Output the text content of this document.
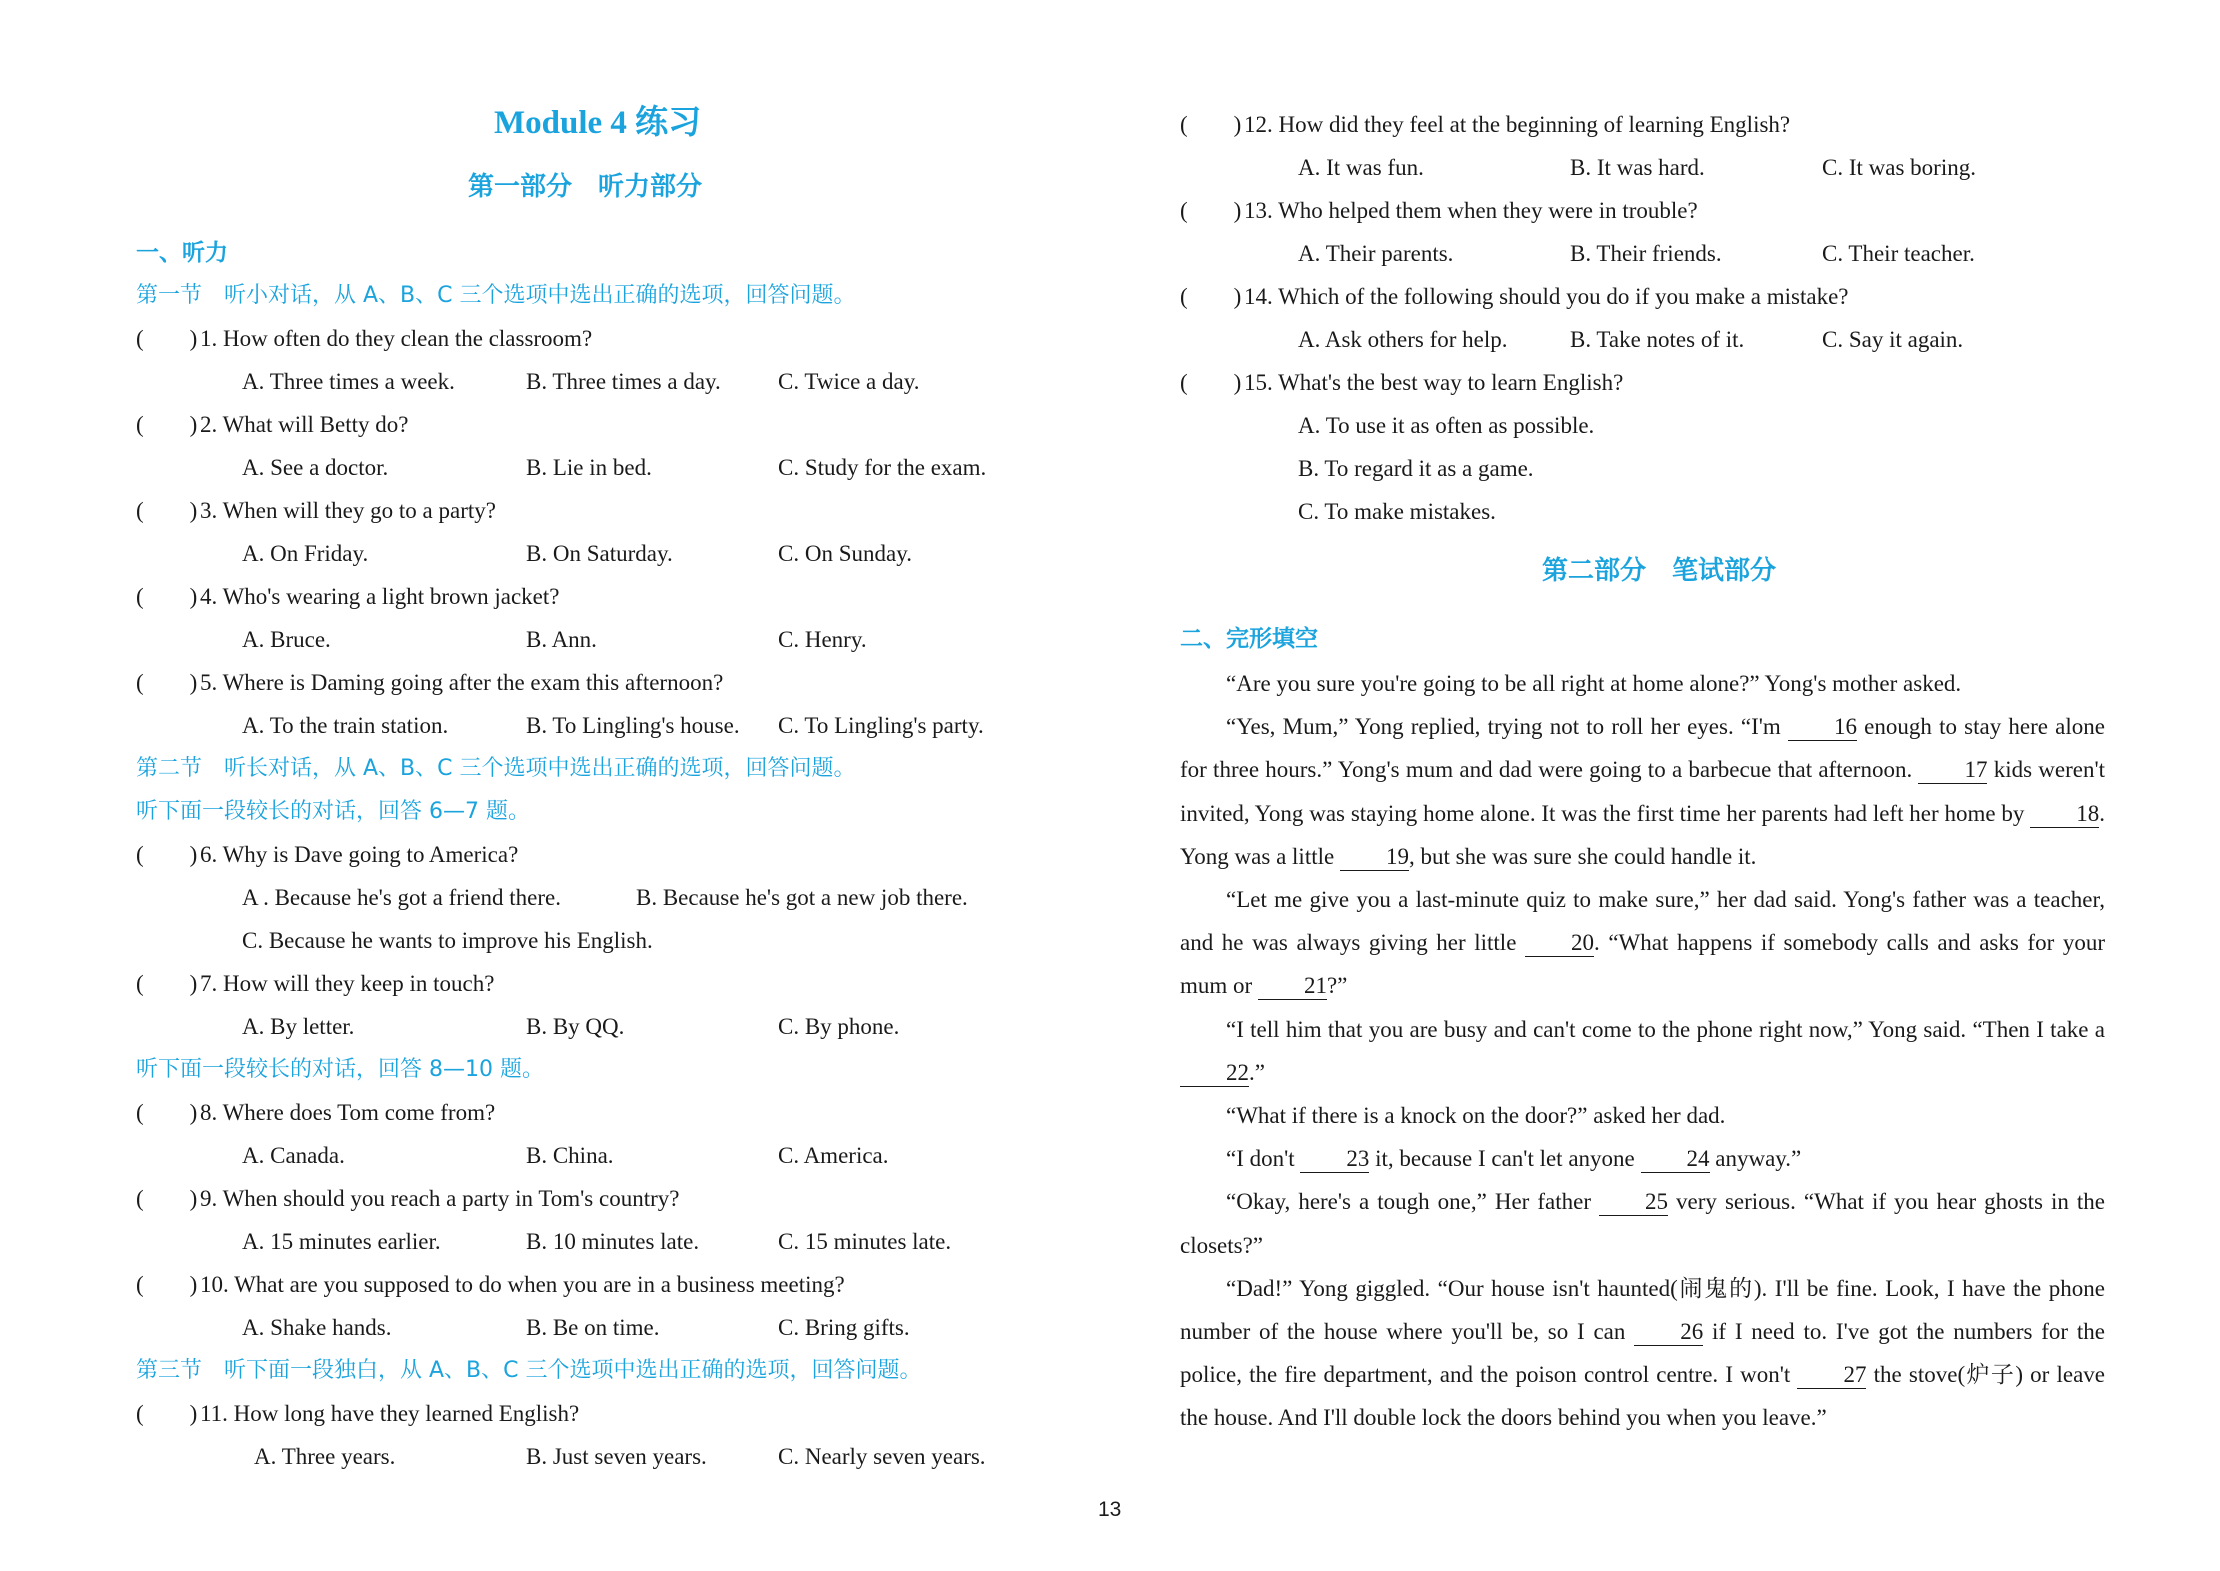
Module 4 练习
第一部分　听力部分
一、听力
第一节　听小对话，从 A、B、C 三个选项中选出正确的选项，回答问题。
(　　) 1. How often do they clean the classroom?
A. Three times a week.	B. Three times a day. C. Twice a day.
(　　) 2. What will Betty do?
A. See a doctor.	B. Lie in bed.	C. Study for the exam.
(　　) 3. When will they go to a party?
A. On Friday.	B. On Saturday.	C. On Sunday.
(　　) 4. Who's wearing a light brown jacket?
A. Bruce.	B. Ann.	C. Henry.
(　　) 5. Where is Daming going after the exam this afternoon?
A. To the train station.	B. To Lingling's house. C. To Lingling's party.
第二节　听长对话，从 A、B、C 三个选项中选出正确的选项，回答问题。
听下面一段较长的对话，回答 6—7 题。
(　　) 6. Why is Dave going to America?
A . Because he's got a friend there.	B. Because he's got a new job there.
C. Because he wants to improve his English.
(　　) 7. How will they keep in touch?
A. By letter.	B. By QQ.	C. By phone.
听下面一段较长的对话，回答 8—10 题。
(　　) 8. Where does Tom come from?
A. Canada.	B. China.	C. America.
(　　) 9. When should you reach a party in Tom's country?
A. 15 minutes earlier.	B. 10 minutes late.	C. 15 minutes late.
(　　) 10. What are you supposed to do when you are in a business meeting?
A. Shake hands.	B. Be on time.	C. Bring gifts.
第三节　听下面一段独白，从 A、B、C 三个选项中选出正确的选项，回答问题。
(　　) 11. How long have they learned English?
A. Three years.	B. Just seven years.	C. Nearly seven years.
(　　) 12. How did they feel at the beginning of learning English?
A. It was fun.	B. It was hard.	C. It was boring.
(　　) 13. Who helped them when they were in trouble?
A. Their parents.	B. Their friends.	C. Their teacher.
(　　) 14. Which of the following should you do if you make a mistake?
A. Ask others for help.	B. Take notes of it.	C. Say it again.
(　　) 15. What's the best way to learn English?
A. To use it as often as possible.
B. To regard it as a game.
C. To make mistakes.
第二部分　笔试部分
二、完形填空

“Are you sure you're going to be all right at home alone?” Yong's mother asked.

“Yes, Mum,” Yong replied, trying not to roll her eyes. “I'm 16 enough to stay here alone for three hours.” Yong's mum and dad were going to a barbecue that afternoon. 17 kids weren't invited, Yong was staying home alone. It was the first time her parents had left her home by 18. Yong was a little 19, but she was sure she could handle it.

“Let me give you a last-minute quiz to make sure,” her dad said. Yong's father was a teacher, and he was always giving her little 20. “What happens if somebody calls and asks for your mum or 21?”

“I tell him that you are busy and can't come to the phone right now,” Yong said. “Then I take a 22.”

“What if there is a knock on the door?” asked her dad.

“I don't 23 it, because I can't let anyone 24 anyway.”

“Okay, here's a tough one,” Her father 25 very serious. “What if you hear ghosts in the closets?”

“Dad!” Yong giggled. “Our house isn't haunted(闹鬼的). I'll be fine. Look, I have the phone number of the house where you'll be, so I can 26 if I need to. I've got the numbers for the police, the fire department, and the poison control centre. I won't 27 the stove(炉子) or leave the house. And I'll double lock the doors behind you when you leave.”

13
